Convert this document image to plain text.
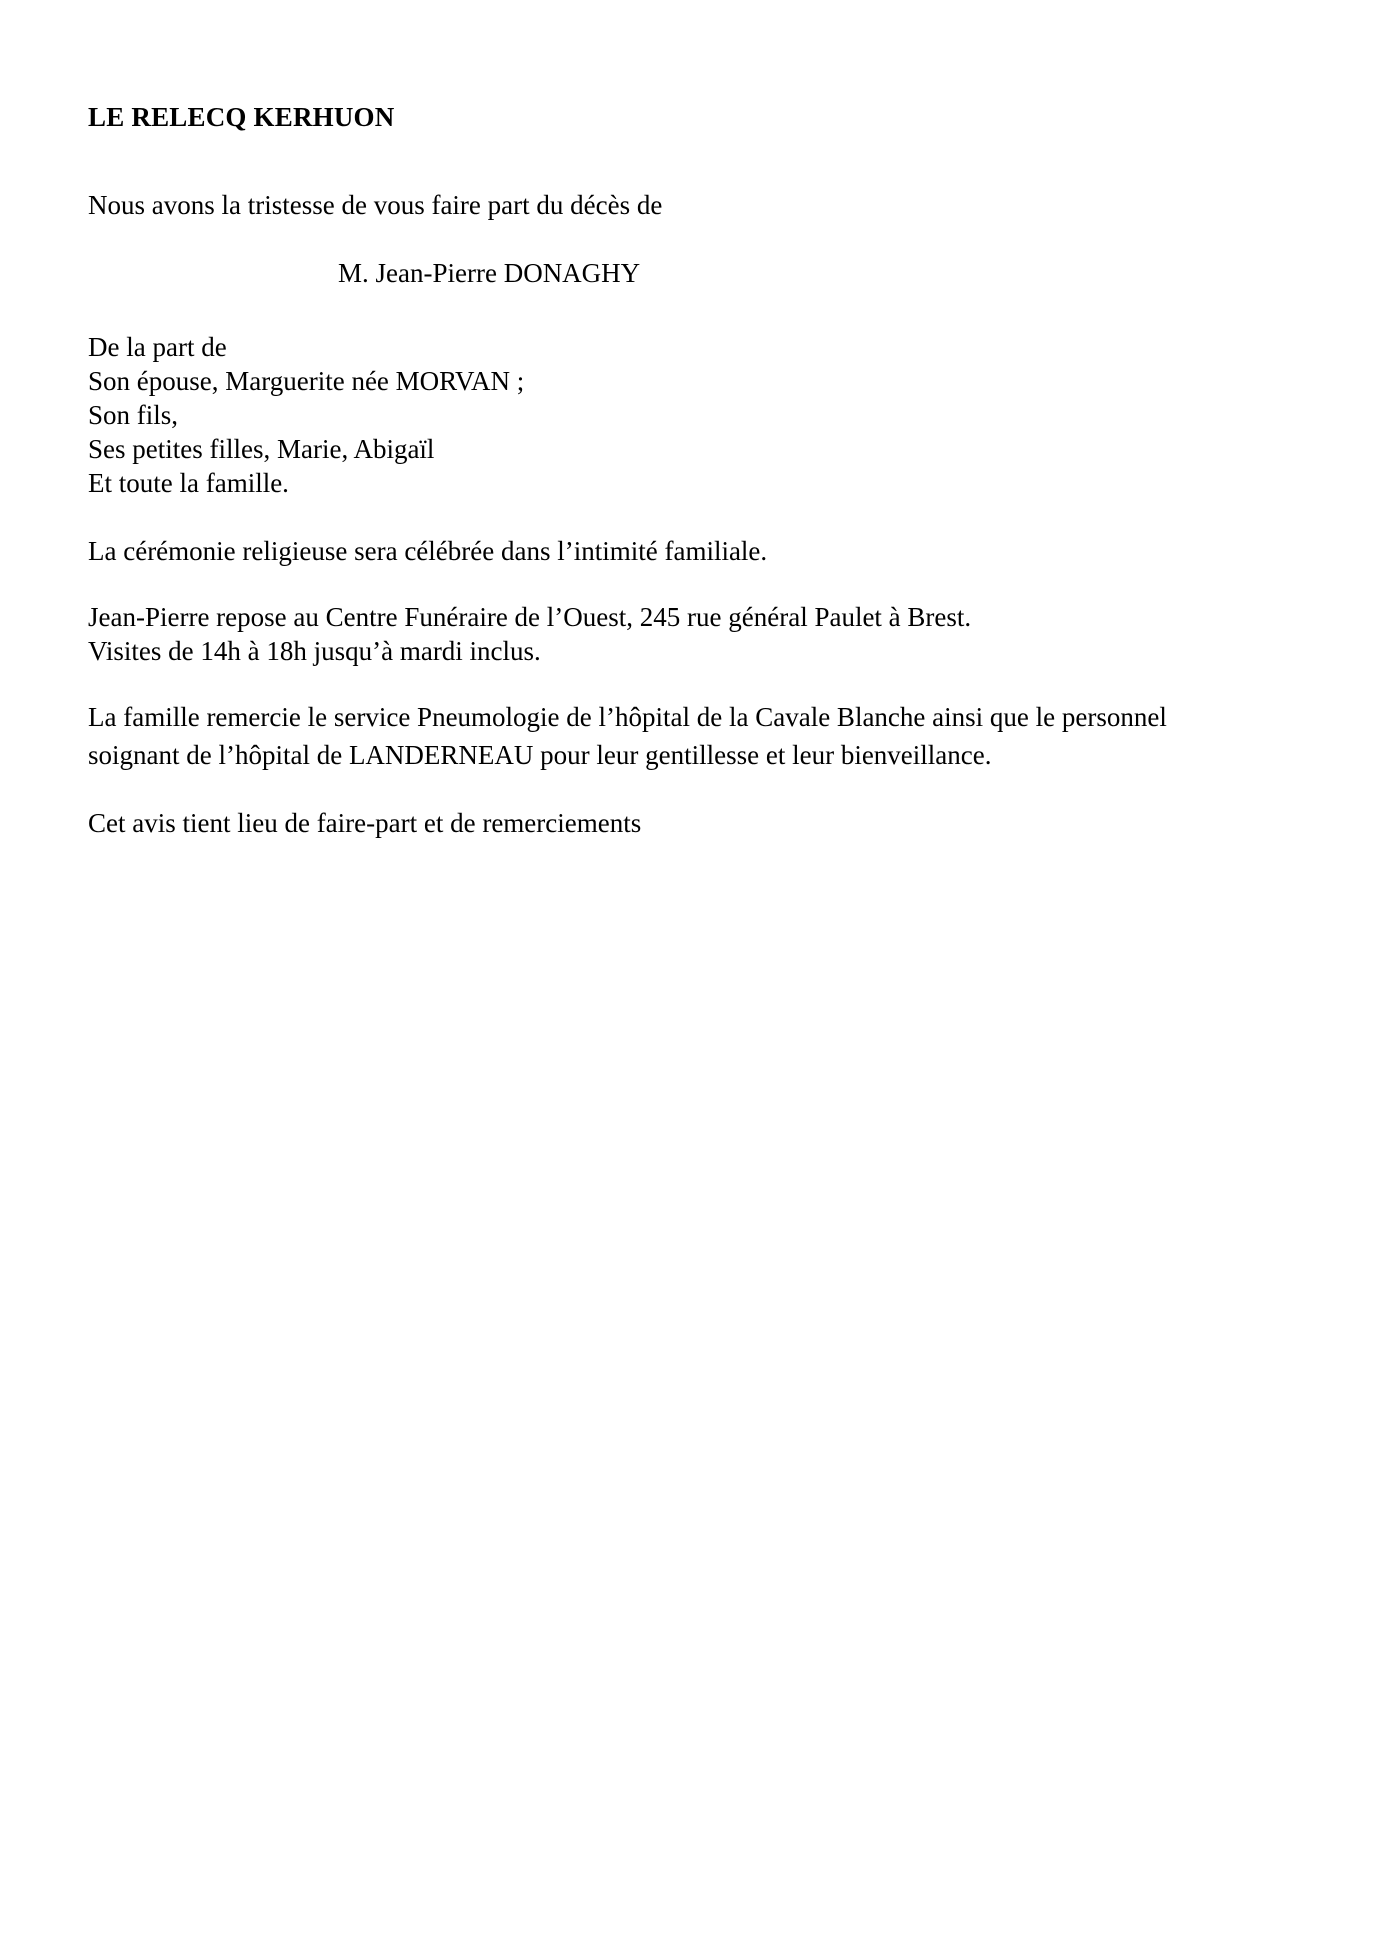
LE RELECQ KERHUON

Nous avons la tristesse de vous faire part du décès de

M. Jean-Pierre DONAGHY

De la part de
Son épouse, Marguerite née MORVAN ;
Son fils,
Ses petites filles, Marie, Abigaïl
Et toute la famille.

La cérémonie religieuse sera célébrée dans l’intimité familiale.

Jean-Pierre repose au Centre Funéraire de l’Ouest, 245 rue général Paulet à Brest.
Visites de 14h à 18h jusqu’à mardi inclus.

La famille remercie le service Pneumologie de l’hôpital de la Cavale Blanche ainsi que le personnel soignant de l’hôpital de LANDERNEAU pour leur gentillesse et leur bienveillance.

Cet avis tient lieu de faire-part et de remerciements
